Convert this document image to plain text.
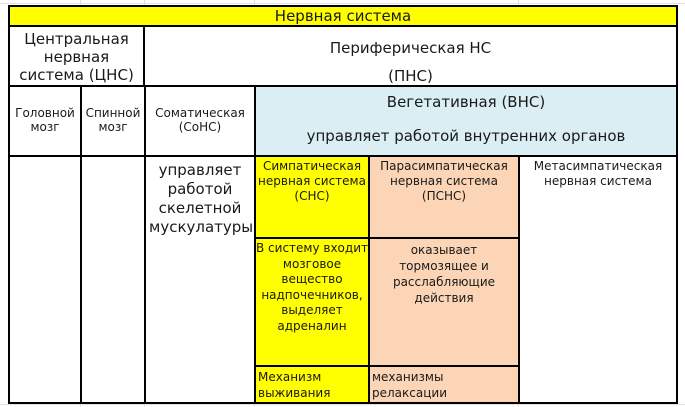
Нервная система
Центральная нервная система (ЦНС)
Периферическая НС
(ПНС)
Головной мозг
Спинной мозг
Соматическая (СоНС)
Вегетативная (ВНС)
управляет работой внутренних органов
управляет работой скелетной мускулатуры
Симпатическая нервная система (СНС)
В систему входит мозговое вещество надпочечников, выделяет адреналин
Механизм выживания
Парасимпатическая нервная система (ПСНС)
оказывает тормозящее и расслабляющие действия
механизмы релаксации
Метасимпатическая нервная система
